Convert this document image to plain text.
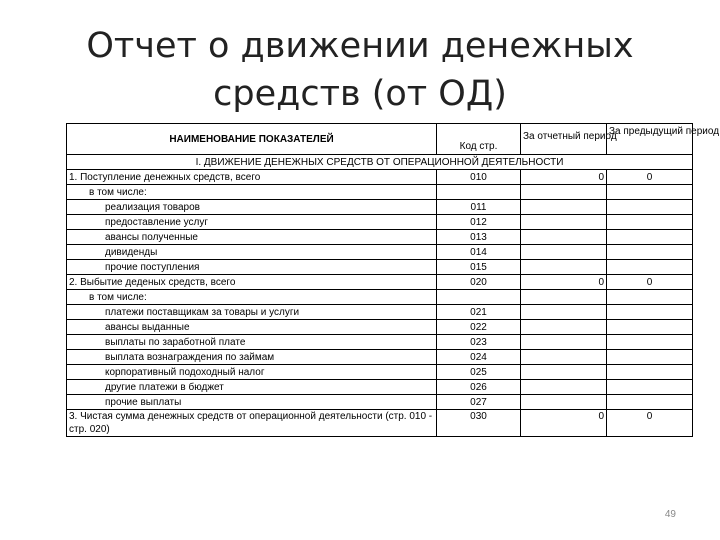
Отчет о движении денежных
средств (от ОД)
НАИМЕНОВАНИЕ ПОКАЗАТЕЛЕЙ	Код стр.	За отчетный период	За предыдущий период
I. ДВИЖЕНИЕ ДЕНЕЖНЫХ СРЕДСТВ ОТ ОПЕРАЦИОННОЙ ДЕЯТЕЛЬНОСТИ			
1. Поступление денежных средств, всего	010	0	0
в том числе:			
реализация товаров	011		
предоставление услуг	012		
авансы полученные	013		
дивиденды	014		
прочие поступления	015		
2. Выбытие деденых средств, всего	020	0	0
в том числе:			
платежи поставщикам за товары и услуги	021		
авансы выданные	022		
выплаты по заработной плате	023		
выплата вознаграждения по займам	024		
корпоративный подоходный налог	025		
другие платежи в бюджет	026		
прочие выплаты	027		
3. Чистая сумма денежных средств от операционной деятельности (стр. 010 - стр. 020)	030	0	0
49
